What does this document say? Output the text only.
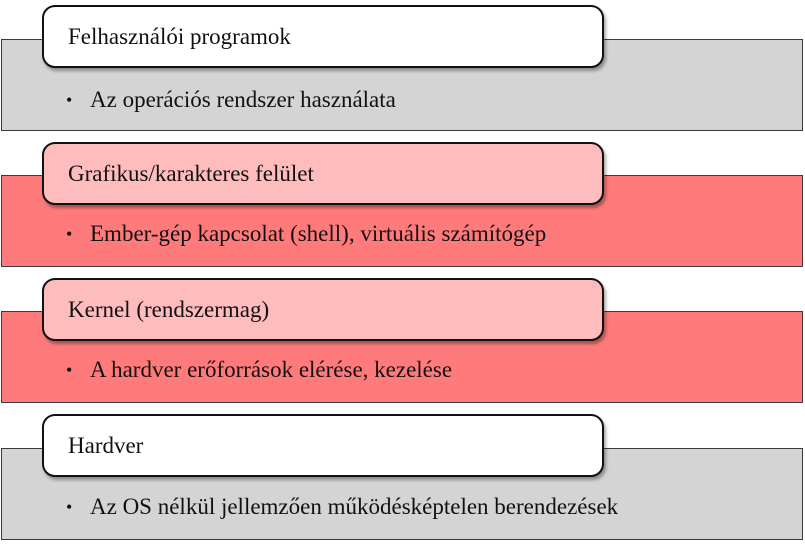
Felhasználói programok
• Az operációs rendszer használata
Grafikus/karakteres felület
• Ember-gép kapcsolat (shell), virtuális számítógép
Kernel (rendszermag)
• A hardver erőforrások elérése, kezelése
Hardver
• Az OS nélkül jellemzően működésképtelen berendezések
